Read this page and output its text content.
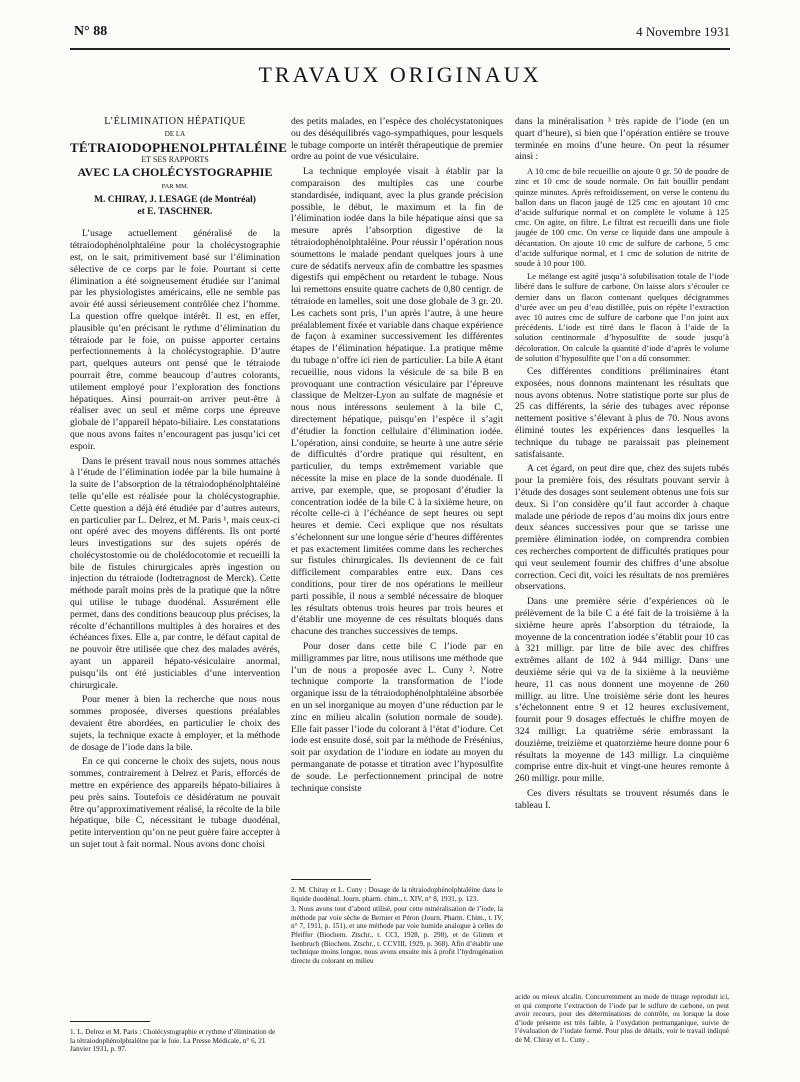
N° 88	4 Novembre 1931
TRAVAUX ORIGINAUX
L’ÉLIMINATION HÉPATIQUE
DE LA
TÉTRAIODOPHENOLPHTALÉINE
ET SES RAPPORTS
AVEC LA CHOLÉCYSTOGRAPHIE
PAR MM.
M. CHIRAY, J. LESAGE (de Montréal)
et E. TASCHNER.

L’usage actuellement généralisé de la tétraiodophénolphtaléine pour la cholécystographie est, on le sait, primitivement basé sur l’élimination sélective de ce corps par le foie. Pourtant si cette élimination a été soigneusement étudiée sur l’animal par les physiologistes américains, elle ne semble pas avoir été aussi sérieusement contrôlée chez l’homme. La question offre quelque intérêt. Il est, en effet, plausible qu’en précisant le rythme d’élimination du tétraiode par le foie, on puisse apporter certains perfectionnements à la cholécystographie. D’autre part, quelques auteurs ont pensé que le tétraiode pourrait être, comme beaucoup d’autres colorants, utilement employé pour l’exploration des fonctions hépatiques. Ainsi pourrait-on arriver peut-être à réaliser avec un seul et même corps une épreuve globale de l’appareil hépato-biliaire. Les constatations que nous avons faites n’encouragent pas jusqu’ici cet espoir.

Dans le présent travail nous nous sommes attachés à l’étude de l’élimination iodée par la bile humaine à la suite de l’absorption de la tétraiodophénolphtaléine telle qu’elle est réalisée pour la cholécystographie. Cette question a déjà été étudiée par d’autres auteurs, en particulier par L. Delrez, et M. Paris ¹, mais ceux-ci ont opéré avec des moyens différents. Ils ont porté leurs investigations sur des sujets opérés de cholécystostomie ou de cholédocotomie et recueilli la bile de fistules chirurgicales après ingestion ou injection du tétraiode (Iodtetragnost de Merck). Cette méthode paraît moins près de la pratique que la nôtre qui utilise le tubage duodénal. Assurément elle permet, dans des conditions beaucoup plus précises, la récolte d’échantillons multiples à des horaires et des échéances fixes. Elle a, par contre, le défaut capital de ne pouvoir être utilisée que chez des malades avérés, ayant un appareil hépato-vésiculaire anormal, puisqu’ils ont été justiciables d’une intervention chirurgicale.

Pour mener à bien la recherche que nous nous sommes proposée, diverses questions préalables devaient être abordées, en particulier le choix des sujets, la technique exacte à employer, et la méthode de dosage de l’iode dans la bile.

En ce qui concerne le choix des sujets, nous nous sommes, contrairement à Delrez et Paris, efforcés de mettre en expérience des appareils hépato-biliaires à peu près sains. Toutefois ce désidératum ne pouvait être qu’approximativement réalisé, la récolte de la bile hépatique, bile C, nécessitant le tubage duodénal, petite intervention qu’on ne peut guère faire accepter à un sujet tout à fait normal. Nous avons donc choisi

1. L. Delrez et M. Paris : Cholécystographie et rythme d’élimination de la tétraiodophénolphtaléine par le foie. La Presse Médicale, n° 6, 21 Janvier 1931, p. 97.

des petits malades, en l’espèce des cholécystatoniques ou des déséquilibrés vago-sympathiques, pour lesquels le tubage comporte un intérêt thérapeutique de premier ordre au point de vue vésiculaire.

La technique employée visait à établir par la comparaison des multiples cas une courbe standardisée, indiquant, avec la plus grande précision possible, le début, le maximum et la fin de l’élimination iodée dans la bile hépatique ainsi que sa mesure après l’absorption digestive de la tétraiodophénolphtaléine. Pour réussir l’opération nous soumettons le malade pendant quelques jours à une cure de sédatifs nerveux afin de combattre les spasmes digestifs qui empêchent ou retardent le tubage. Nous lui remettons ensuite quatre cachets de 0,80 centigr. de tétraiode en lamelles, soit une dose globale de 3 gr. 20. Les cachets sont pris, l’un après l’autre, à une heure préalablement fixée et variable dans chaque expérience de façon à examiner successivement les différentes étapes de l’élimination hépatique. La pratique même du tubage n’offre ici rien de particulier. La bile A étant recueillie, nous vidons la vésicule de sa bile B en provoquant une contraction vésiculaire par l’épreuve classique de Meltzer-Lyon au sulfate de magnésie et nous nous intéressons seulement à la bile C, directement hépatique, puisqu’en l’espèce il s’agit d’étudier la fonction cellulaire d’élimination iodée. L’opération, ainsi conduite, se heurte à une autre série de difficultés d’ordre pratique qui résultent, en particulier, du temps extrêmement variable que nécessite la mise en place de la sonde duodénale. Il arrive, par exemple, que, se proposant d’étudier la concentration iodée de la bile C à la sixième heure, on récolte celle-ci à l’échéance de sept heures ou sept heures et demie. Ceci explique que nos résultats s’échelonnent sur une longue série d’heures différentes et pas exactement limitées comme dans les recherches sur fistules chirurgicales. Ils deviennent de ce fait difficilement comparables entre eux. Dans ces conditions, pour tirer de nos opérations le meilleur parti possible, il nous a semblé nécessaire de bloquer les résultats obtenus trois heures par trois heures et d’établir une moyenne de ces résultats bloqués dans chacune des tranches successives de temps.

Pour doser dans cette bile C l’iode par en milligrammes par litre, nous utilisons une méthode que l’un de nous a proposée avec L. Cuny ². Notre technique comporte la transformation de l’iode organique issu de la tétraiodophénolphtaléine absorbée en un sel inorganique au moyen d’une réduction par le zinc en milieu alcalin (solution normale de soude). Elle fait passer l’iode du colorant à l’état d’iodure. Cet iode est ensuite dosé, soit par la méthode de Frésénius, soit par oxydation de l’iodure en iodate au moyen du permanganate de potasse et titration avec l’hyposulfite de soude. Le perfectionnement principal de notre technique consiste

2. M. Chiray et L. Cuny : Dosage de la tétraiodophénolphtaléine dans le liquide duodénal. Journ. pharm. chim., t. XIV, n° 8, 1931, p. 123.
3. Nous avons tout d’abord utilisé, pour cette minéralisation de l’iode, la méthode par voie sèche de Bernier et Péron (Journ. Pharm. Chim., t. IV, n° 7, 1911, p. 151), et une méthode par voie humide analogue à celles de Pfeiffer (Biochem. Ztschr., t. CCI, 1928, p. 298), et de Glimm et Isenbruch (Biochem. Ztschr., t. CCVIII, 1929, p. 368). Afin d’établir une technique moins longue, nous avons ensuite mis à profit l’hydrogénation directe du colorant en milieu

dans la minéralisation ³ très rapide de l’iode (en un quart d’heure), si bien que l’opération entière se trouve terminée en moins d’une heure. On peut la résumer ainsi :

A 10 cmc de bile recueillie on ajoute 0 gr. 50 de poudre de zinc et 10 cmc de soude normale. On fait bouillir pendant quinze minutes. Après refroidissement, on verse le contenu du ballon dans un flacon jaugé de 125 cmc en ajoutant 10 cmc d’acide sulfurique normal et on complète le volume à 125 cmc. On agite, on filtre. Le filtrat est recueilli dans une fiole jaugée de 100 cmc. On verse ce liquide dans une ampoule à décantation. On ajoute 10 cmc de sulfure de carbone, 5 cmc d’acide sulfurique normal, et 1 cmc de solution de nitrite de soude à 10 pour 100.

Le mélange est agité jusqu’à solubilisation totale de l’iode libéré dans le sulfure de carbone. On laisse alors s’écouler ce dernier dans un flacon contenant quelques décigrammes d’urée avec un peu d’eau distillée, puis on répète l’extraction avec 10 autres cmc de sulfure de carbone que l’on joint aux précédents. L’iode est titré dans le flacon à l’aide de la solution centinormale d’hyposulfite de soude jusqu’à décoloration. On calcule la quantité d’iode d’après le volume de solution d’hyposulfite que l’on a dû consommer.

Ces différentes conditions préliminaires étant exposées, nous donnons maintenant les résultats que nous avons obtenus. Notre statistique porte sur plus de 25 cas différents, la série des tubages avec réponse nettement positive s’élevant à plus de 70. Nous avons éliminé toutes les expériences dans lesquelles la technique du tubage ne paraissait pas pleinement satisfaisante.

A cet égard, on peut dire que, chez des sujets tubés pour la première fois, des résultats pouvant servir à l’étude des dosages sont seulement obtenus une fois sur deux. Si l’on considère qu’il faut accorder à chaque malade une période de repos d’au moins dix jours entre deux séances successives pour que se tarisse une première élimination iodée, on comprendra combien ces recherches comportent de difficultés pratiques pour qui veut seulement fournir des chiffres d’une absolue correction. Ceci dit, voici les résultats de nos premières observations.

Dans une première série d’expériences où le prélèvement de la bile C a été fait de la troisième à la sixième heure après l’absorption du tétraiode, la moyenne de la concentration iodée s’établit pour 10 cas à 321 milligr. par litre de bile avec des chiffres extrêmes allant de 102 à 944 milligr. Dans une deuxième série qui va de la sixième à la neuvième heure, 11 cas nous donnent une moyenne de 260 milligr. au litre. Une troisième série dont les heures s’échelonnent entre 9 et 12 heures exclusivement, fournit pour 9 dosages effectués le chiffre moyen de 324 milligr. La quatrième série embrassant la douzième, treizième et quatorzième heure donne pour 6 résultats la moyenne de 143 milligr. La cinquième comprise entre dix-huit et vingt-une heures remonte à 260 milligr. pour mille.

Ces divers résultats se trouvent résumés dans le tableau I.

acide ou mieux alcalin. Concurremment au mode de titrage reproduit ici, et qui comporte l’extraction de l’iode par le sulfure de carbone, on peut avoir recours, pour des déterminations de contrôle, ou lorsque la dose d’iode présente est très faible, à l’oxydation permanganique, suivie de l’évaluation de l’iodate formé. Pour plus de détails, voir le travail indiqué de M. Chiray et L. Cuny .
